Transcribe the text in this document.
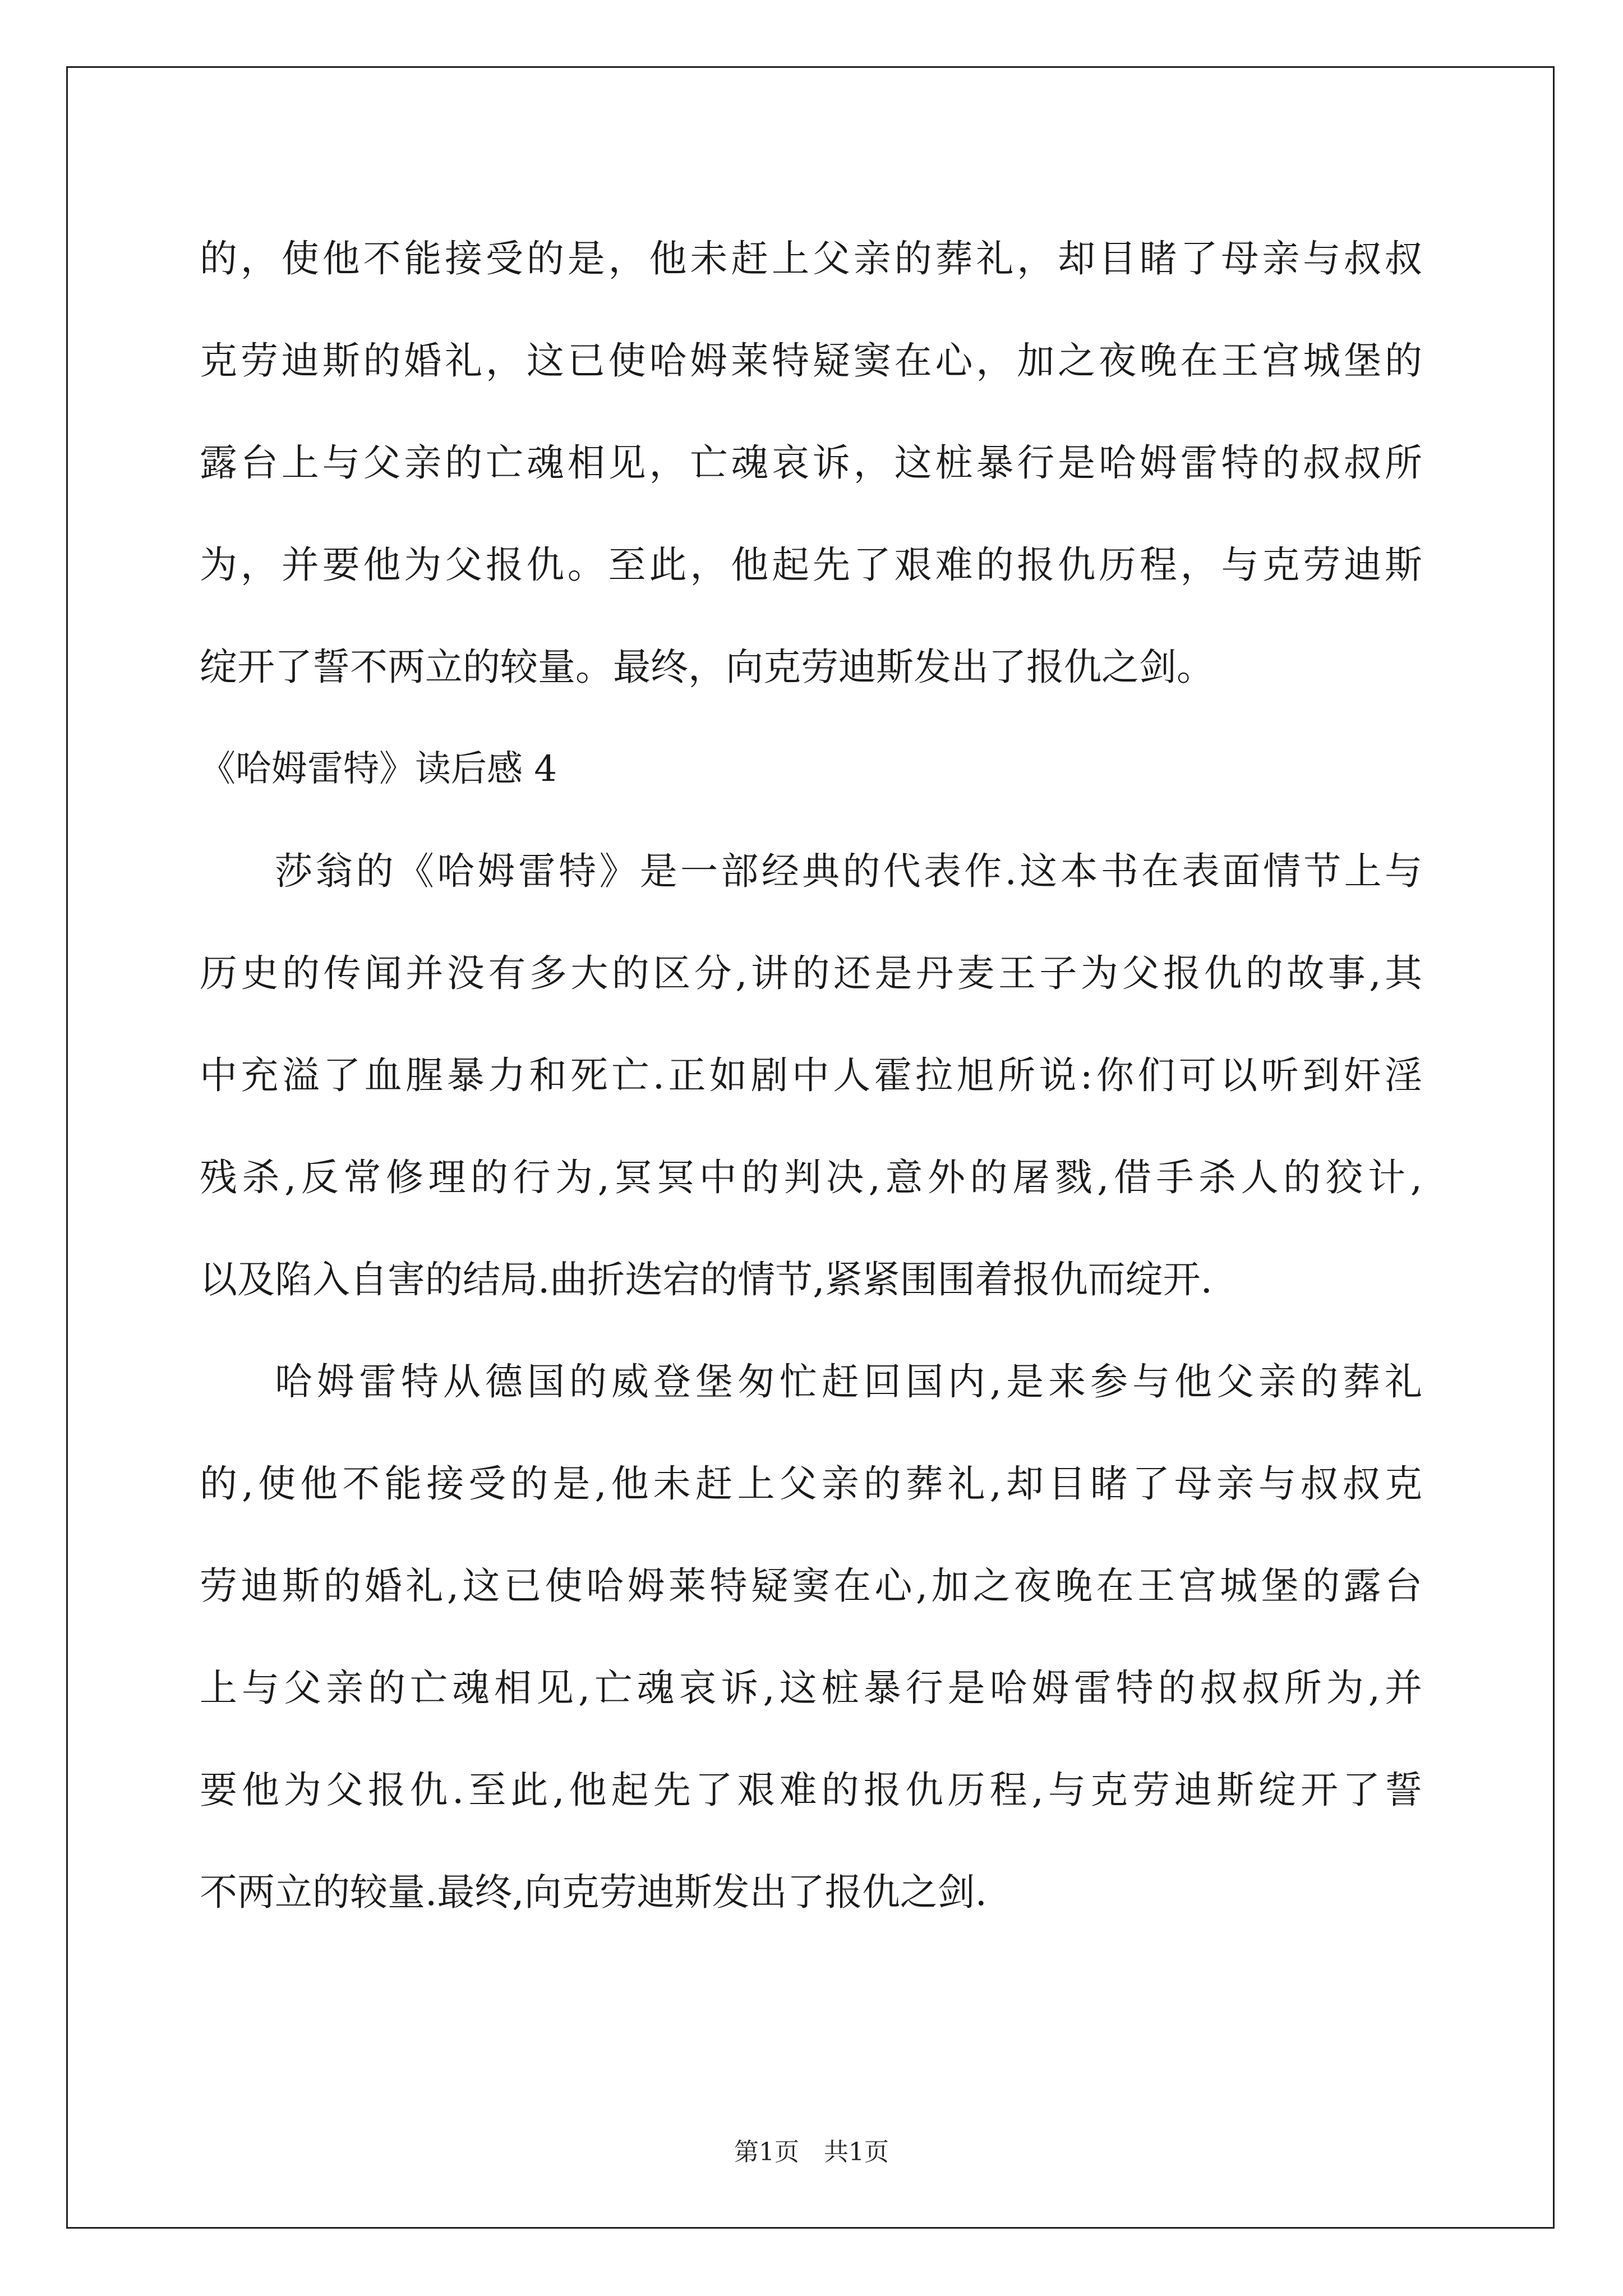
的，使他不能接受的是，他未赶上父亲的葬礼，却目睹了母亲与叔叔
克劳迪斯的婚礼，这已使哈姆莱特疑窦在心，加之夜晚在王宫城堡的
露台上与父亲的亡魂相见，亡魂哀诉，这桩暴行是哈姆雷特的叔叔所
为，并要他为父报仇。至此，他起先了艰难的报仇历程，与克劳迪斯
绽开了誓不两立的较量。最终，向克劳迪斯发出了报仇之剑。
《哈姆雷特》读后感 4
莎翁的《哈姆雷特》是一部经典的代表作.这本书在表面情节上与
历史的传闻并没有多大的区分,讲的还是丹麦王子为父报仇的故事,其
中充溢了血腥暴力和死亡.正如剧中人霍拉旭所说:你们可以听到奸淫
残杀,反常修理的行为,冥冥中的判决,意外的屠戮,借手杀人的狡计,
以及陷入自害的结局.曲折迭宕的情节,紧紧围围着报仇而绽开.
哈姆雷特从德国的威登堡匆忙赶回国内,是来参与他父亲的葬礼
的,使他不能接受的是,他未赶上父亲的葬礼,却目睹了母亲与叔叔克
劳迪斯的婚礼,这已使哈姆莱特疑窦在心,加之夜晚在王宫城堡的露台
上与父亲的亡魂相见,亡魂哀诉,这桩暴行是哈姆雷特的叔叔所为,并
要他为父报仇.至此,他起先了艰难的报仇历程,与克劳迪斯绽开了誓
不两立的较量.最终,向克劳迪斯发出了报仇之剑.
第1页　共1页
